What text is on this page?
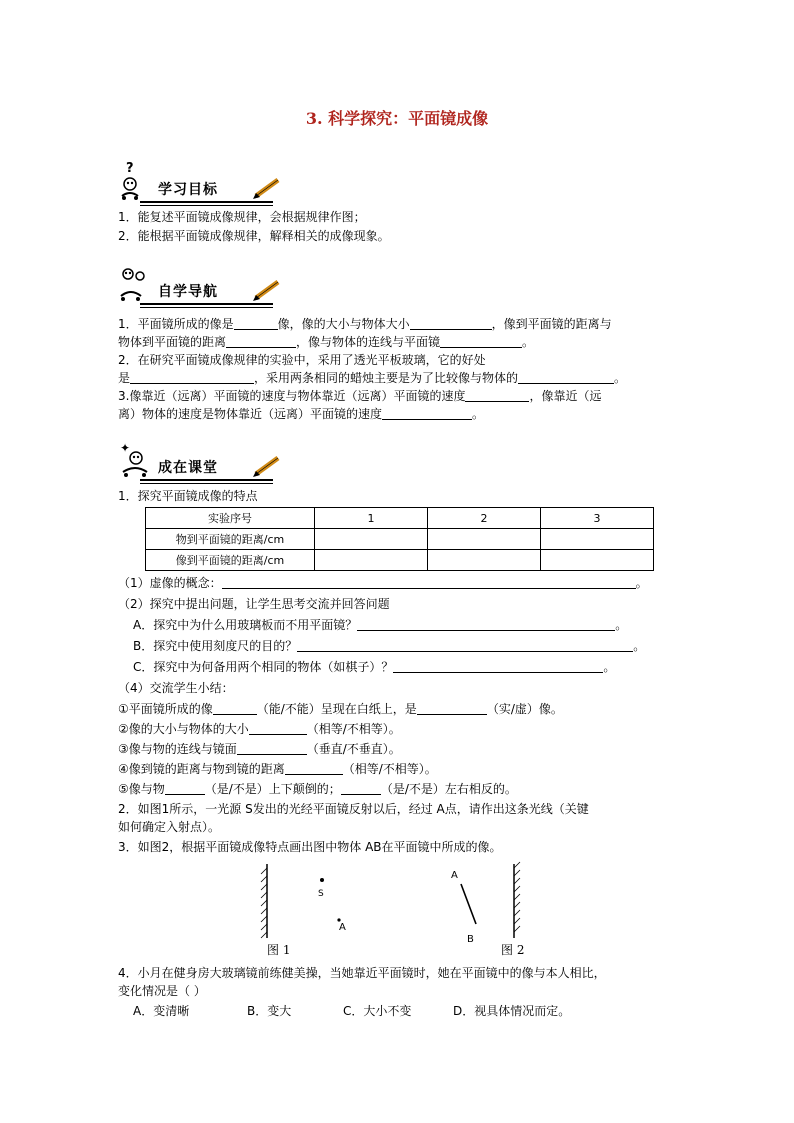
3. 科学探究：平面镜成像
?
学习目标
1．能复述平面镜成像规律，会根据规律作图；
2．能根据平面镜成像规律，解释相关的成像现象。
自学导航
1．平面镜所成的像是	像，像的大小与物体大小	，像到平面镜的距离与
物体到平面镜的距离	，像与物体的连线与平面镜	。
2．在研究平面镜成像规律的实验中，采用了透光平板玻璃，它的好处
是	，采用两条相同的蜡烛主要是为了比较像与物体的	。
3.像靠近（远离）平面镜的速度与物体靠近（远离）平面镜的速度	，像靠近（远
离）物体的速度是物体靠近（远离）平面镜的速度	。
✦
成在课堂
1．探究平面镜成像的特点
实验序号	1	2	3
物到平面镜的距离/cm			
像到平面镜的距离/cm			
（1）虚像的概念：	。
（2）探究中提出问题，让学生思考交流并回答问题
A．探究中为什么用玻璃板而不用平面镜？	。
B．探究中使用刻度尺的目的？	。
C．探究中为何备用两个相同的物体（如棋子）？	。
（4）交流学生小结：
①平面镜所成的像	（能/不能）呈现在白纸上，是	（实/虚）像。
②像的大小与物体的大小	（相等/不相等）。
③像与物的连线与镜面	（垂直/不垂直）。
④像到镜的距离与物到镜的距离	（相等/不相等）。
⑤像与物	（是/不是）上下颠倒的；	（是/不是）左右相反的。
2．如图1所示，一光源 S发出的光经平面镜反射以后，经过 A点，请作出这条光线（关键
如何确定入射点）。
3．如图2，根据平面镜成像特点画出图中物体 AB在平面镜中所成的像。
S
A
图 1
A
B
图 2
4．小月在健身房大玻璃镜前练健美操，当她靠近平面镜时，她在平面镜中的像与本人相比，
变化情况是（ ）
A．变清晰	B．变大	C．大小不变	D．视具体情况而定。
